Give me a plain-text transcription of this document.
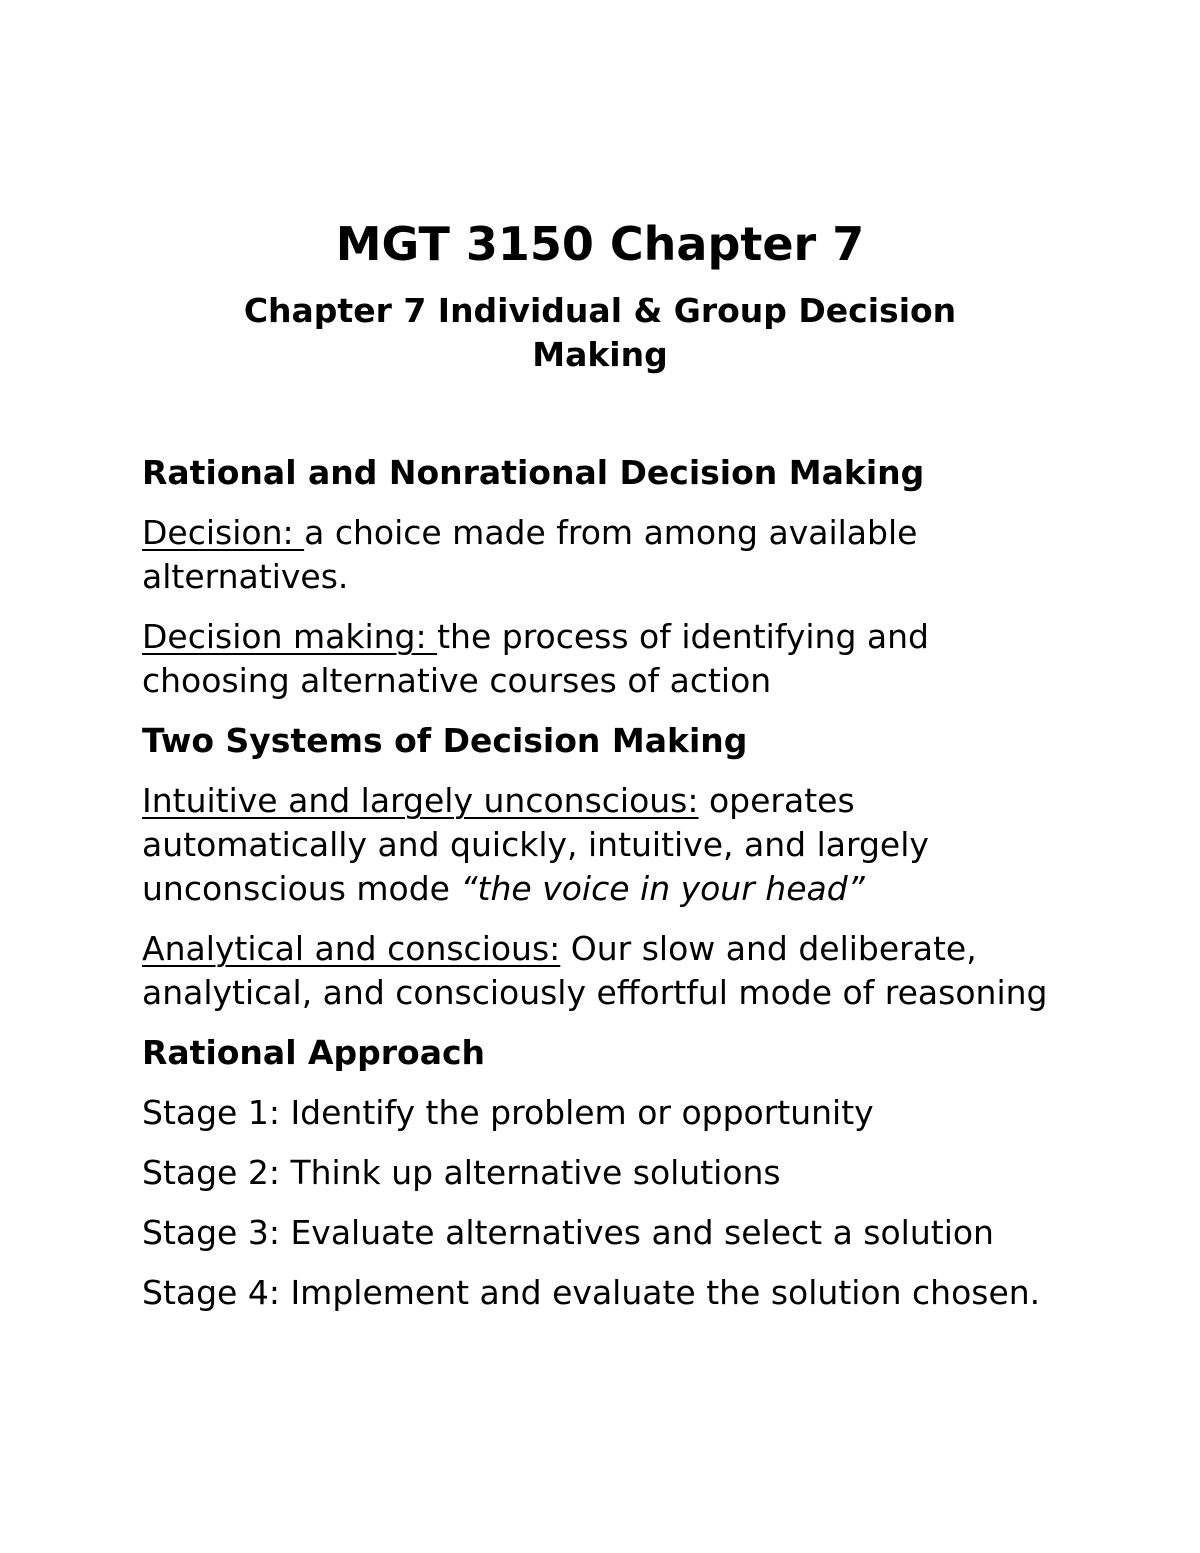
MGT 3150 Chapter 7
Chapter 7 Individual & Group Decision Making

Rational and Nonrational Decision Making

Decision: a choice made from among available alternatives.

Decision making: the process of identifying and choosing alternative courses of action

Two Systems of Decision Making

Intuitive and largely unconscious: operates automatically and quickly, intuitive, and largely unconscious mode “the voice in your head”

Analytical and conscious: Our slow and deliberate, analytical, and consciously effortful mode of reasoning

Rational Approach

Stage 1: Identify the problem or opportunity

Stage 2: Think up alternative solutions

Stage 3: Evaluate alternatives and select a solution

Stage 4: Implement and evaluate the solution chosen.
